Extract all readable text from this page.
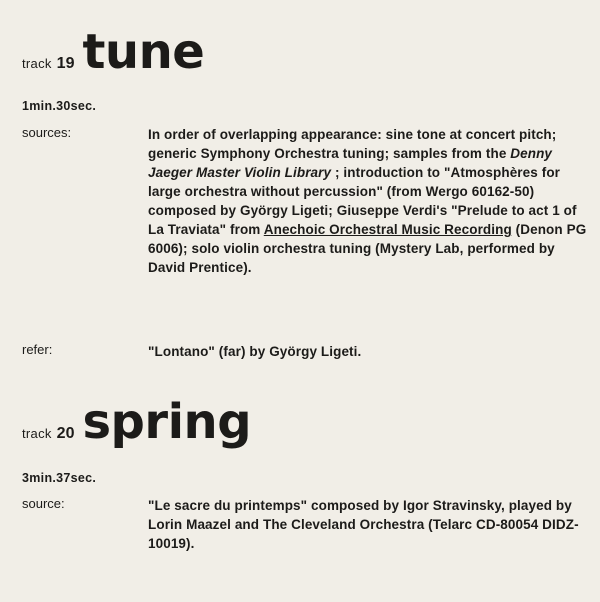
track 19 tune
1min.30sec.
sources:	In order of overlapping appearance: sine tone at concert pitch; generic Symphony Orchestra tuning; samples from the Denny Jaeger Master Violin Library ; introduction to "Atmosphères for large orchestra without percussion" (from Wergo 60162-50) composed by György Ligeti; Giuseppe Verdi's "Prelude to act 1 of La Traviata" from Anechoic Orchestral Music Recording (Denon PG 6006); solo violin orchestra tuning (Mystery Lab, performed by David Prentice).
refer:	"Lontano" (far) by György Ligeti.
track 20 spring
3min.37sec.
source:	"Le sacre du printemps" composed by Igor Stravinsky, played by Lorin Maazel and The Cleveland Orchestra (Telarc CD-80054 DIDZ-10019).
